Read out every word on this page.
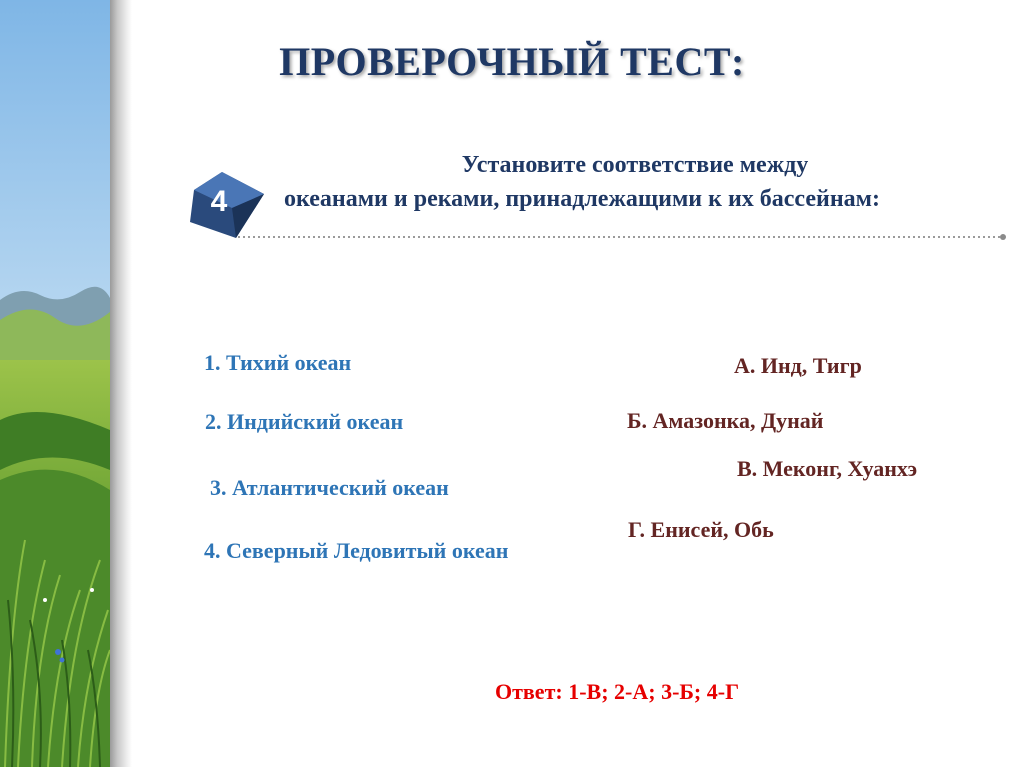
ПРОВЕРОЧНЫЙ ТЕСТ:
4
Установите соответствие между
океанами и реками, принадлежащими к их бассейнам:
1. Тихий океан
2. Индийский океан
3. Атлантический океан
4. Северный Ледовитый океан
А. Инд, Тигр
Б. Амазонка, Дунай
В. Меконг, Хуанхэ
Г. Енисей, Обь
Ответ: 1-В; 2-А; 3-Б; 4-Г
